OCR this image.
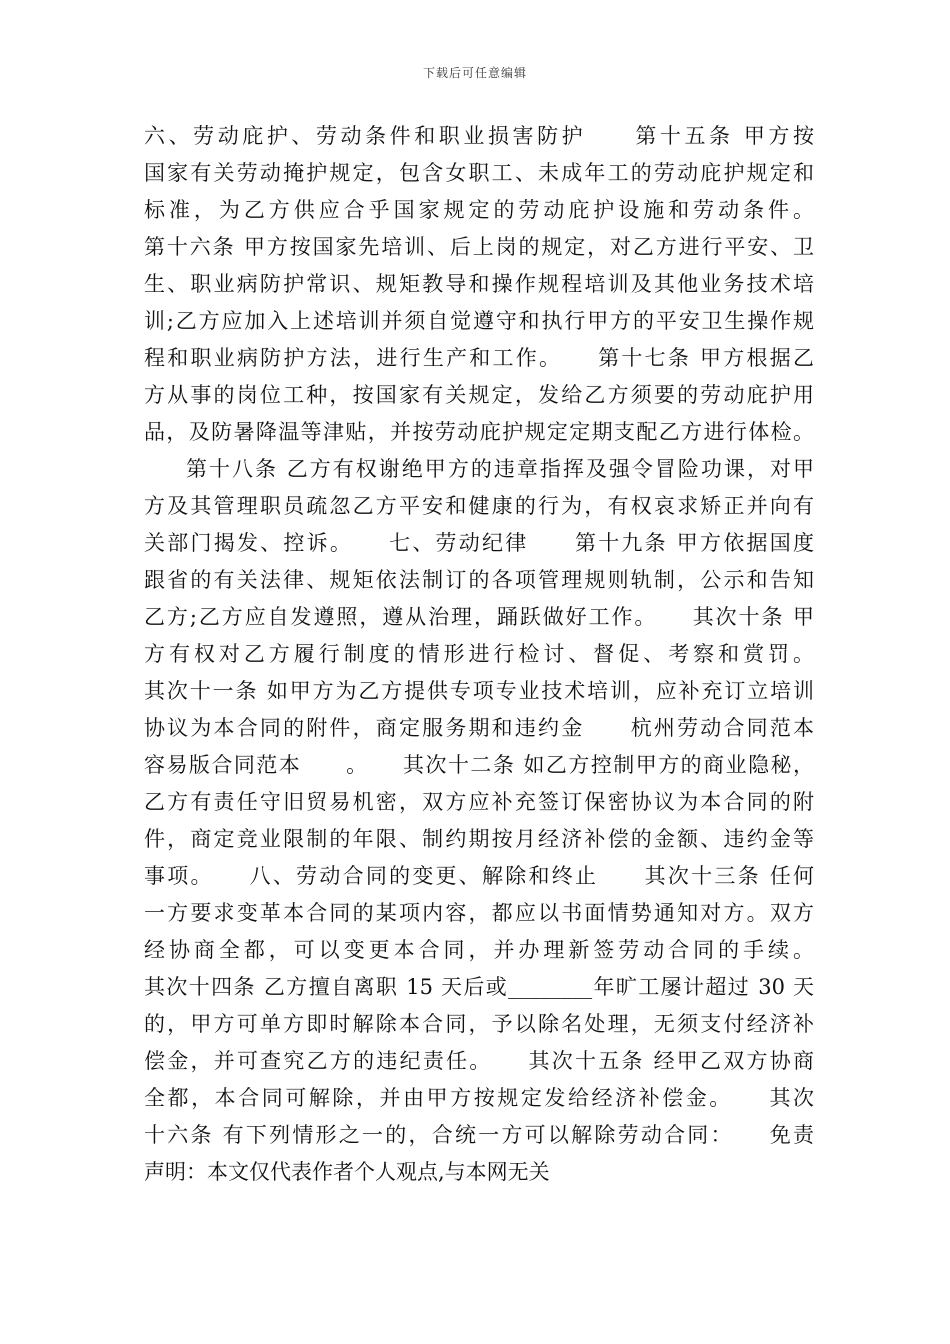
下载后可任意编辑
六、劳动庇护、劳动条件和职业损害防护　　第十五条 甲方按
国家有关劳动掩护规定，包含女职工、未成年工的劳动庇护规定和
标准，为乙方供应合乎国家规定的劳动庇护设施和劳动条件。
第十六条 甲方按国家先培训、后上岗的规定，对乙方进行平安、卫
生、职业病防护常识、规矩教导和操作规程培训及其他业务技术培
训;乙方应加入上述培训并须自觉遵守和执行甲方的平安卫生操作规
程和职业病防护方法，进行生产和工作。　　第十七条 甲方根据乙
方从事的岗位工种，按国家有关规定，发给乙方须要的劳动庇护用
品，及防暑降温等津贴，并按劳动庇护规定定期支配乙方进行体检。
第十八条 乙方有权谢绝甲方的违章指挥及强令冒险功课，对甲
方及其管理职员疏忽乙方平安和健康的行为，有权哀求矫正并向有
关部门揭发、控诉。　　七、劳动纪律　　第十九条 甲方依据国度
跟省的有关法律、规矩依法制订的各项管理规则轨制，公示和告知
乙方;乙方应自发遵照，遵从治理，踊跃做好工作。　　其次十条 甲
方有权对乙方履行制度的情形进行检讨、督促、考察和赏罚。
其次十一条 如甲方为乙方提供专项专业技术培训，应补充订立培训
协议为本合同的附件，商定服务期和违约金　　杭州劳动合同范本
容易版合同范本　　。　　其次十二条 如乙方控制甲方的商业隐秘，
乙方有责任守旧贸易机密，双方应补充签订保密协议为本合同的附
件，商定竞业限制的年限、制约期按月经济补偿的金额、违约金等
事项。　　八、劳动合同的变更、解除和终止　　其次十三条 任何
一方要求变革本合同的某项内容，都应以书面情势通知对方。双方
经协商全都，可以变更本合同，并办理新签劳动合同的手续。
其次十四条 乙方擅自离职 15 天后或________年旷工屡计超过 30 天
的，甲方可单方即时解除本合同，予以除名处理，无须支付经济补
偿金，并可查究乙方的违纪责任。　　其次十五条 经甲乙双方协商
全都，本合同可解除，并由甲方按规定发给经济补偿金。　　其次
十六条 有下列情形之一的，合统一方可以解除劳动合同：　　免责
声明：本文仅代表作者个人观点,与本网无关
